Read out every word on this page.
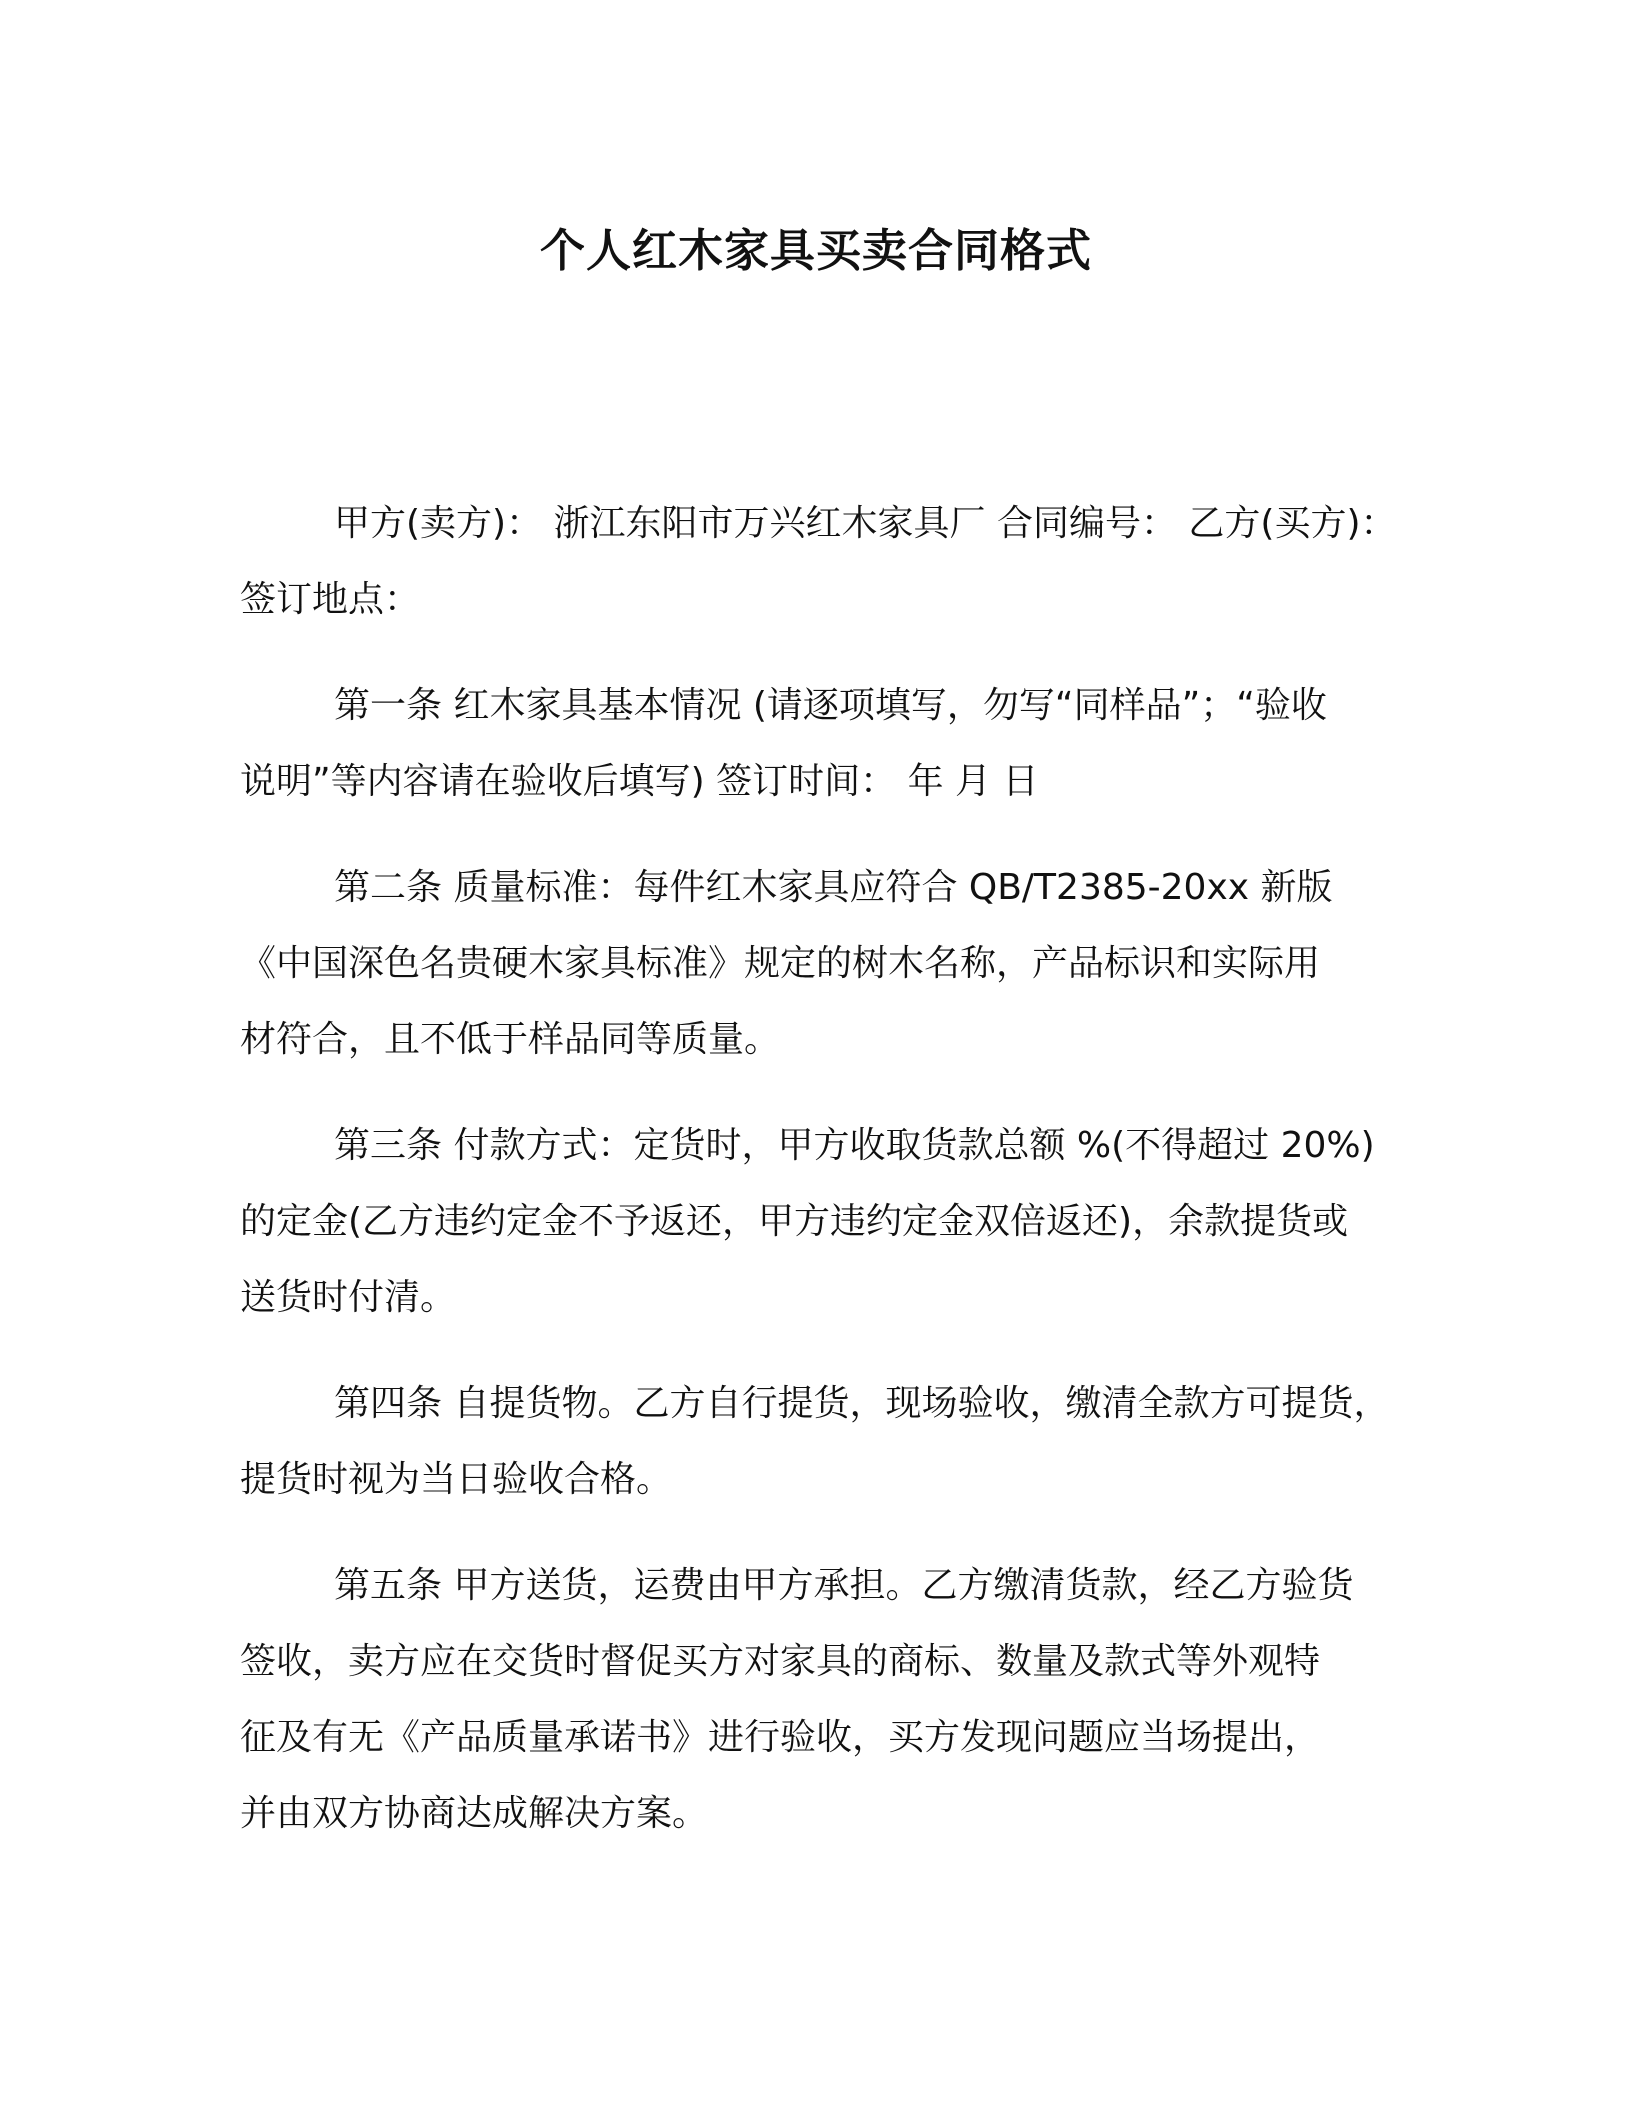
个人红木家具买卖合同格式

甲方(卖方)： 浙江东阳市万兴红木家具厂 合同编号： 乙方(买方)：
签订地点：

第一条 红木家具基本情况 (请逐项填写，勿写“同样品”；“验收
说明”等内容请在验收后填写) 签订时间： 年 月 日

第二条 质量标准：每件红木家具应符合 QB/T2385-20xx 新版
《中国深色名贵硬木家具标准》规定的树木名称，产品标识和实际用
材符合，且不低于样品同等质量。

第三条 付款方式：定货时，甲方收取货款总额 %(不得超过 20%)
的定金(乙方违约定金不予返还，甲方违约定金双倍返还)，余款提货或
送货时付清。

第四条 自提货物。乙方自行提货，现场验收，缴清全款方可提货，
提货时视为当日验收合格。

第五条 甲方送货，运费由甲方承担。乙方缴清货款，经乙方验货
签收，卖方应在交货时督促买方对家具的商标、数量及款式等外观特
征及有无《产品质量承诺书》进行验收，买方发现问题应当场提出，
并由双方协商达成解决方案。
